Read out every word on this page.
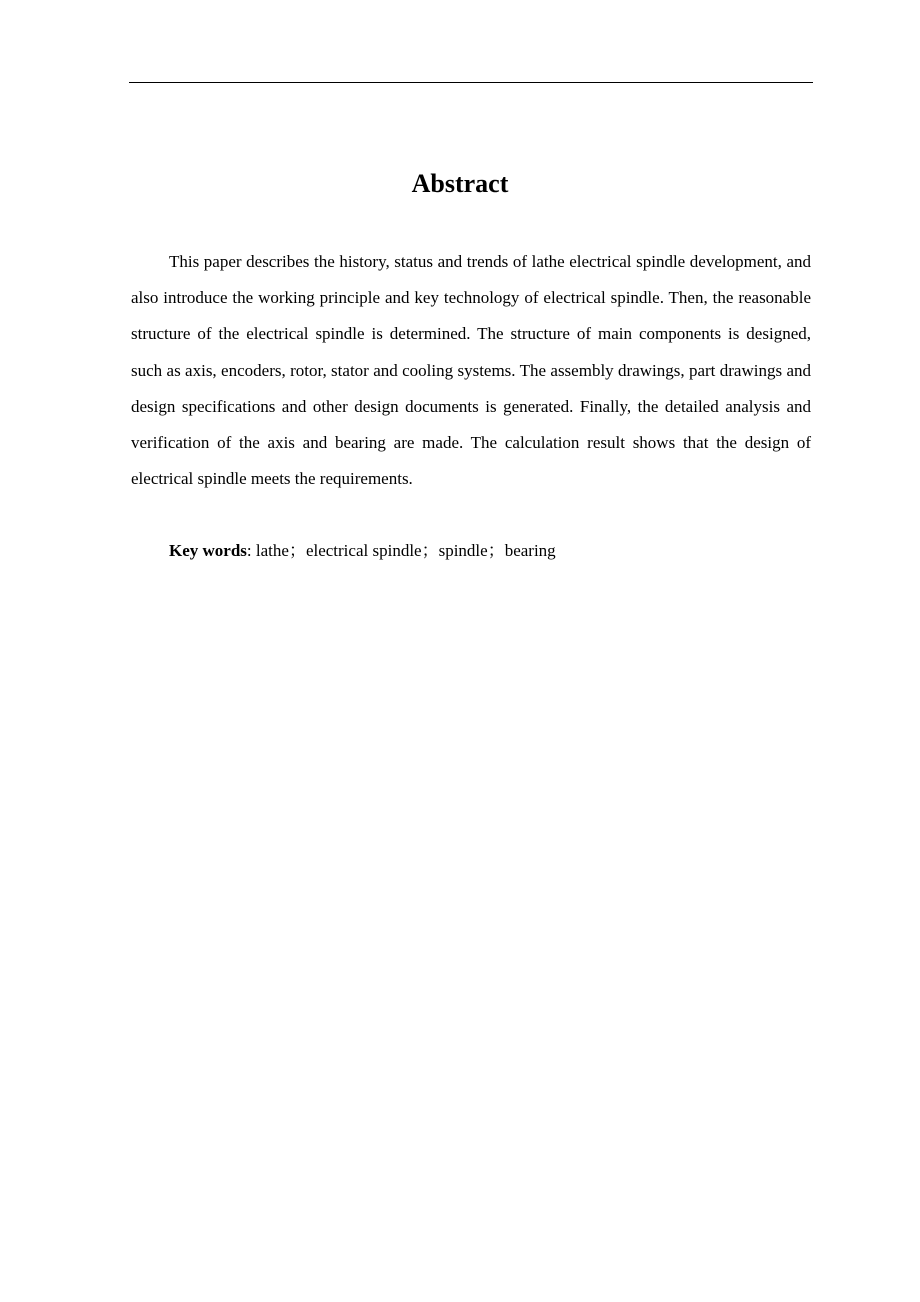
Abstract

This paper describes the history, status and trends of lathe electrical spindle development, and also introduce the working principle and key technology of electrical spindle. Then, the reasonable structure of the electrical spindle is determined. The structure of main components is designed, such as axis, encoders, rotor, stator and cooling systems. The assembly drawings, part drawings and design specifications and other design documents is generated. Finally, the detailed analysis and verification of the axis and bearing are made. The calculation result shows that the design of electrical spindle meets the requirements.

Key words: lathe；electrical spindle；spindle；bearing
